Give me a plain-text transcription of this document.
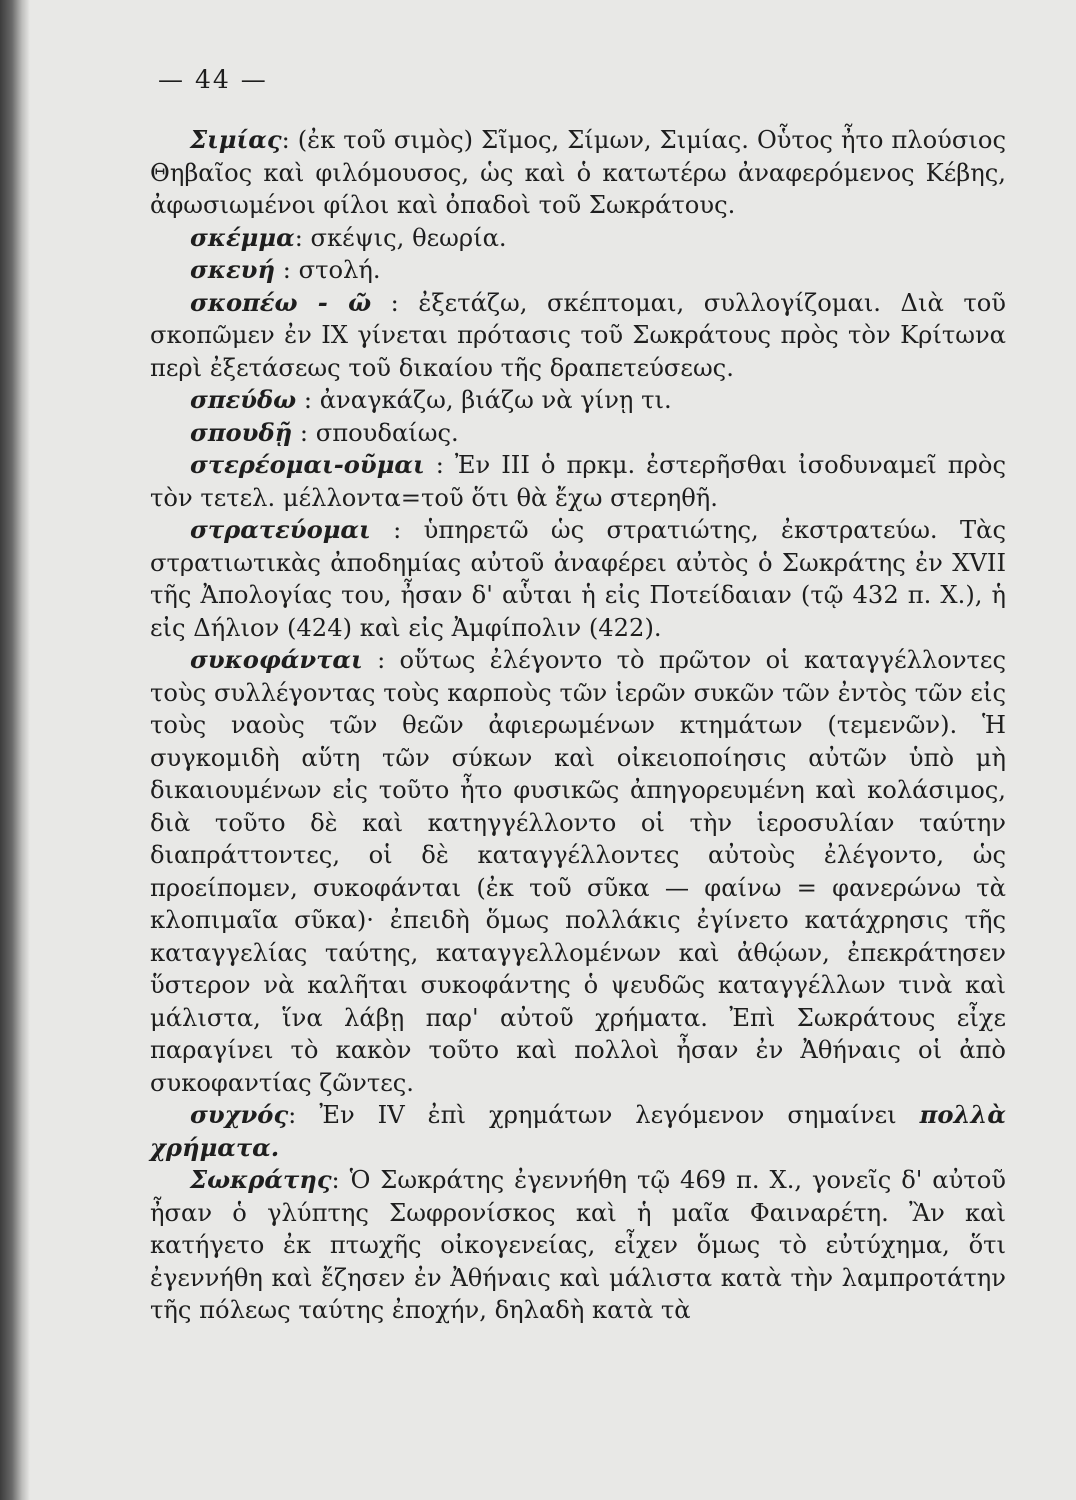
— 44 —

Σιμίας: (ἐκ τοῦ σιμὸς) Σῖμος, Σίμων, Σιμίας. Οὗτος ἦτο πλούσιος Θηβαῖος καὶ φιλόμουσος, ὡς καὶ ὁ κατωτέρω ἀναφερόμενος Κέβης, ἀφωσιωμένοι φίλοι καὶ ὀπαδοὶ τοῦ Σωκράτους.

σκέμμα: σκέψις, θεωρία.

σκευή : στολή.

σκοπέω - ῶ : ἐξετάζω, σκέπτομαι, συλλογίζομαι. Διὰ τοῦ σκοπῶμεν ἐν IX γίνεται πρότασις τοῦ Σωκράτους πρὸς τὸν Κρίτωνα περὶ ἐξετάσεως τοῦ δικαίου τῆς δραπετεύσεως.

σπεύδω : ἀναγκάζω, βιάζω νὰ γίνῃ τι.

σπουδῇ : σπουδαίως.

στερέομαι-οῦμαι : Ἐν III ὁ πρκμ. ἐστερῆσθαι ἰσοδυναμεῖ πρὸς τὸν τετελ. μέλλοντα=τοῦ ὅτι θὰ ἔχω στερηθῆ.

στρατεύομαι : ὑπηρετῶ ὡς στρατιώτης, ἐκστρατεύω. Τὰς στρατιωτικὰς ἀποδημίας αὐτοῦ ἀναφέρει αὐτὸς ὁ Σωκράτης ἐν XVII τῆς Ἀπολογίας του, ἦσαν δ' αὗται ἡ εἰς Ποτείδαιαν (τῷ 432 π. Χ.), ἡ εἰς Δήλιον (424) καὶ εἰς Ἀμφίπολιν (422).

συκοφάνται : οὕτως ἐλέγοντο τὸ πρῶτον οἱ καταγγέλλοντες τοὺς συλλέγοντας τοὺς καρποὺς τῶν ἱερῶν συκῶν τῶν ἐντὸς τῶν εἰς τοὺς ναοὺς τῶν θεῶν ἀφιερωμένων κτημάτων (τεμενῶν). Ἡ συγκομιδὴ αὕτη τῶν σύκων καὶ οἰκειοποίησις αὐτῶν ὑπὸ μὴ δικαιουμένων εἰς τοῦτο ἦτο φυσικῶς ἀπηγορευμένη καὶ κολάσιμος, διὰ τοῦτο δὲ καὶ κατηγγέλλοντο οἱ τὴν ἱεροσυλίαν ταύτην διαπράττοντες, οἱ δὲ καταγγέλλοντες αὐτοὺς ἐλέγοντο, ὡς προείπομεν, συκοφάνται (ἐκ τοῦ σῦκα — φαίνω = φανερώνω τὰ κλοπιμαῖα σῦκα)· ἐπειδὴ ὅμως πολλάκις ἐγίνετο κατάχρησις τῆς καταγγελίας ταύτης, καταγγελλομένων καὶ ἀθῴων, ἐπεκράτησεν ὕστερον νὰ καλῆται συκοφάντης ὁ ψευδῶς καταγγέλλων τινὰ καὶ μάλιστα, ἵνα λάβῃ παρ' αὐτοῦ χρήματα. Ἐπὶ Σωκράτους εἶχε παραγίνει τὸ κακὸν τοῦτο καὶ πολλοὶ ἦσαν ἐν Ἀθήναις οἱ ἀπὸ συκοφαντίας ζῶντες.

συχνός: Ἐν IV ἐπὶ χρημάτων λεγόμενον σημαίνει πολλὰ χρήματα.

Σωκράτης: Ὁ Σωκράτης ἐγεννήθη τῷ 469 π. Χ., γονεῖς δ' αὐτοῦ ἦσαν ὁ γλύπτης Σωφρονίσκος καὶ ἡ μαῖα Φαιναρέτη. Ἂν καὶ κατήγετο ἐκ πτωχῆς οἰκογενείας, εἶχεν ὅμως τὸ εὐτύχημα, ὅτι ἐγεννήθη καὶ ἔζησεν ἐν Ἀθήναις καὶ μάλιστα κατὰ τὴν λαμπροτάτην τῆς πόλεως ταύτης ἐποχήν, δηλαδὴ κατὰ τὰ
